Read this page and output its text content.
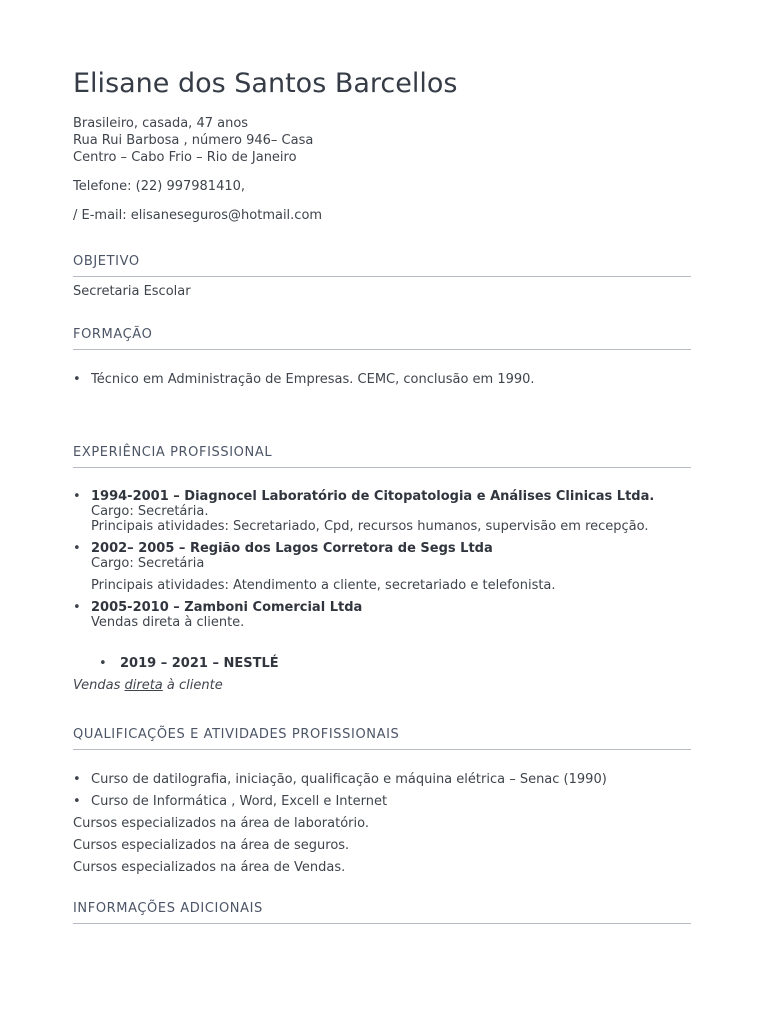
Elisane dos Santos Barcellos
Brasileiro, casada, 47 anos
Rua Rui Barbosa , número 946– Casa
Centro – Cabo Frio – Rio de Janeiro
Telefone: (22) 997981410,
/ E-mail: elisaneseguros@hotmail.com
OBJETIVO
Secretaria Escolar
FORMAÇÃO
• Técnico em Administração de Empresas. CEMC, conclusão em 1990.
EXPERIÊNCIA PROFISSIONAL
• 1994-2001 – Diagnocel Laboratório de Citopatologia e Análises Clinicas Ltda.
Cargo: Secretária.
Principais atividades: Secretariado, Cpd, recursos humanos, supervisão em recepção.
• 2002– 2005 – Região dos Lagos Corretora de Segs Ltda
Cargo: Secretária
Principais atividades: Atendimento a cliente, secretariado e telefonista.
• 2005-2010 – Zamboni Comercial Ltda
Vendas direta à cliente.
• 2019 – 2021 – NESTLÉ
Vendas direta à cliente
QUALIFICAÇÕES E ATIVIDADES PROFISSIONAIS
• Curso de datilografia, iniciação, qualificação e máquina elétrica – Senac (1990)
• Curso de Informática , Word, Excell e Internet
Cursos especializados na área de laboratório.
Cursos especializados na área de seguros.
Cursos especializados na área de Vendas.
INFORMAÇÕES ADICIONAIS
